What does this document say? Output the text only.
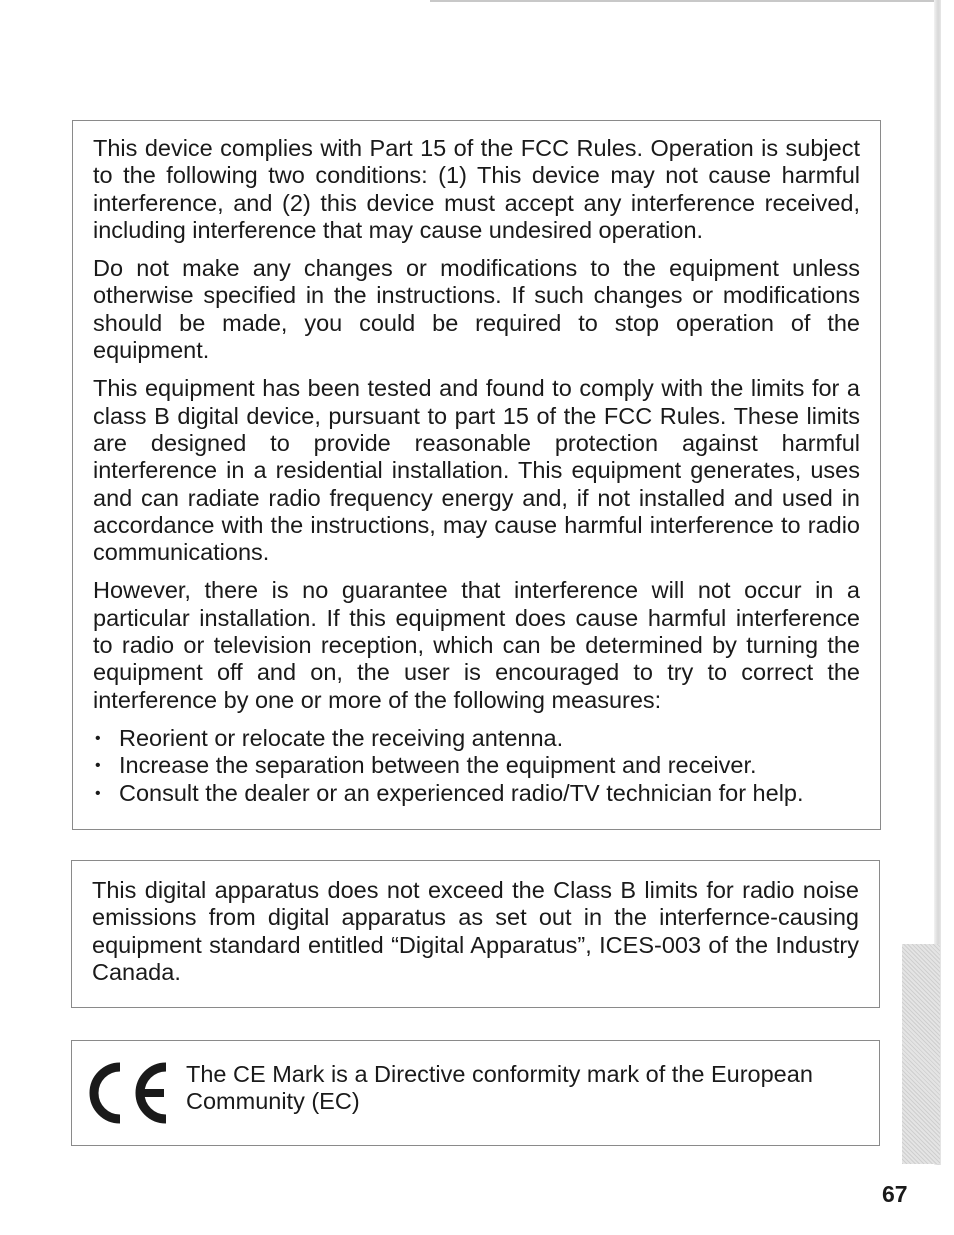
This device complies with Part 15 of the FCC Rules. Operation is subject to the following two conditions: (1) This device may not cause harmful interference, and (2) this device must accept any interference received, including interference that may cause undesired operation.

Do not make any changes or modifications to the equipment unless otherwise specified in the instructions. If such changes or modifications should be made, you could be required to stop operation of the equipment.

This equipment has been tested and found to comply with the limits for a class B digital device, pursuant to part 15 of the FCC Rules. These limits are designed to provide reasonable protection against harmful interference in a residential installation. This equipment generates, uses and can radiate radio frequency energy and, if not installed and used in accordance with the instructions, may cause harmful interference to radio communications.

However, there is no guarantee that interference will not occur in a particular installation. If this equipment does cause harmful interference to radio or television reception, which can be determined by turning the equipment off and on, the user is encouraged to try to correct the interference by one or more of the following measures:

• Reorient or relocate the receiving antenna.
• Increase the separation between the equipment and receiver.
• Consult the dealer or an experienced radio/TV technician for help.

This digital apparatus does not exceed the Class B limits for radio noise emissions from digital apparatus as set out in the interfernce-causing equipment standard entitled “Digital Apparatus”, ICES-003 of the Industry Canada.

The CE Mark is a Directive conformity mark of the European Community (EC)
67
